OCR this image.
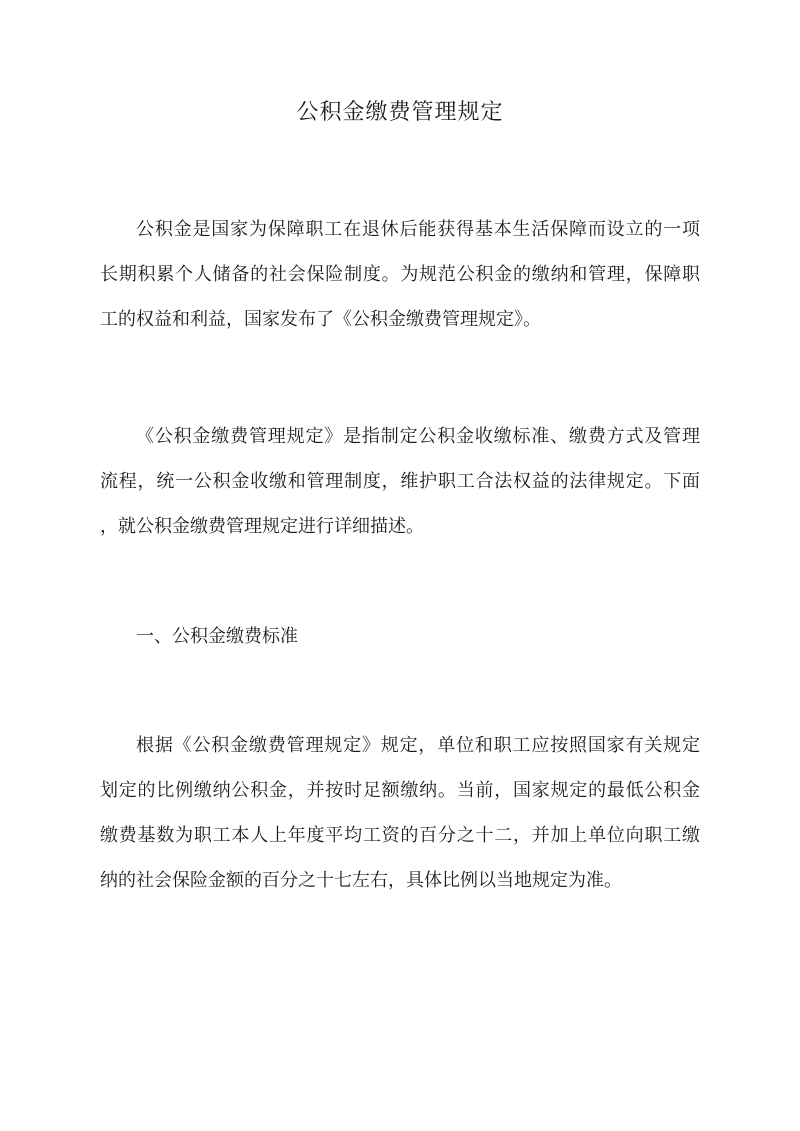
公积金缴费管理规定
公积金是国家为保障职工在退休后能获得基本生活保障而设立的一项
长期积累个人储备的社会保险制度。为规范公积金的缴纳和管理，保障职
工的权益和利益，国家发布了《公积金缴费管理规定》。
《公积金缴费管理规定》是指制定公积金收缴标准、缴费方式及管理
流程，统一公积金收缴和管理制度，维护职工合法权益的法律规定。下面
，就公积金缴费管理规定进行详细描述。
一、公积金缴费标准
根据《公积金缴费管理规定》规定，单位和职工应按照国家有关规定
划定的比例缴纳公积金，并按时足额缴纳。当前，国家规定的最低公积金
缴费基数为职工本人上年度平均工资的百分之十二，并加上单位向职工缴
纳的社会保险金额的百分之十七左右，具体比例以当地规定为准。
